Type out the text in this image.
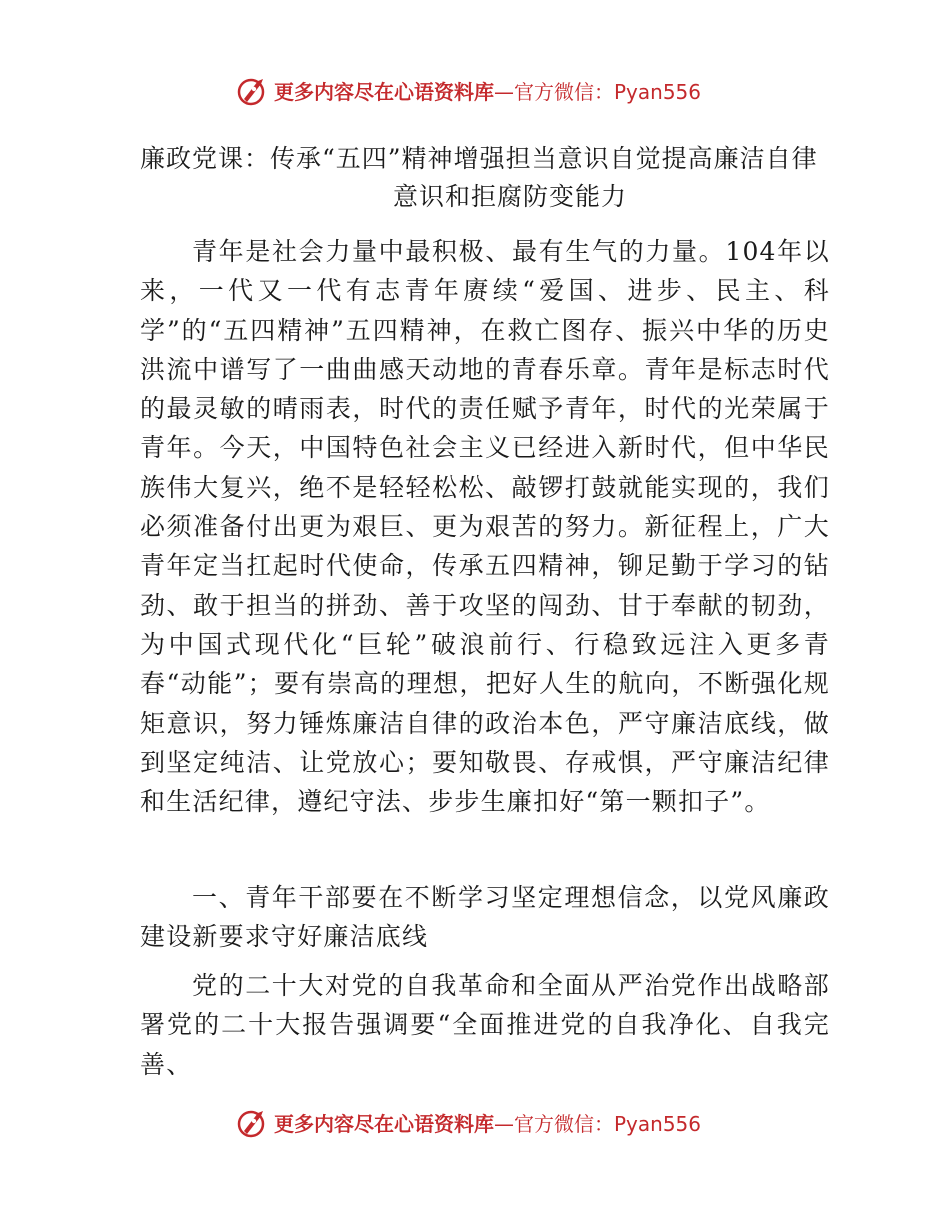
更多内容尽在心语资料库 —官方微信：Pyan556
廉政党课：传承“五四”精神增强担当意识自觉提高廉洁自律
意识和拒腐防变能力

青年是社会力量中最积极、最有生气的力量。104年以来，一代又一代有志青年赓续“爱国、进步、民主、科学”的“五四精神”五四精神，在救亡图存、振兴中华的历史洪流中谱写了一曲曲感天动地的青春乐章。青年是标志时代的最灵敏的晴雨表，时代的责任赋予青年，时代的光荣属于青年。今天，中国特色社会主义已经进入新时代，但中华民族伟大复兴，绝不是轻轻松松、敲锣打鼓就能实现的，我们必须准备付出更为艰巨、更为艰苦的努力。新征程上，广大青年定当扛起时代使命，传承五四精神，铆足勤于学习的钻劲、敢于担当的拼劲、善于攻坚的闯劲、甘于奉献的韧劲，为中国式现代化“巨轮”破浪前行、行稳致远注入更多青春“动能”；要有崇高的理想，把好人生的航向，不断强化规矩意识，努力锤炼廉洁自律的政治本色，严守廉洁底线，做到坚定纯洁、让党放心；要知敬畏、存戒惧，严守廉洁纪律和生活纪律，遵纪守法、步步生廉扣好“第一颗扣子”。

一、青年干部要在不断学习坚定理想信念，以党风廉政建设新要求守好廉洁底线

党的二十大对党的自我革命和全面从严治党作出战略部署党的二十大报告强调要“全面推进党的自我净化、自我完善、

更多内容尽在心语资料库 —官方微信：Pyan556
